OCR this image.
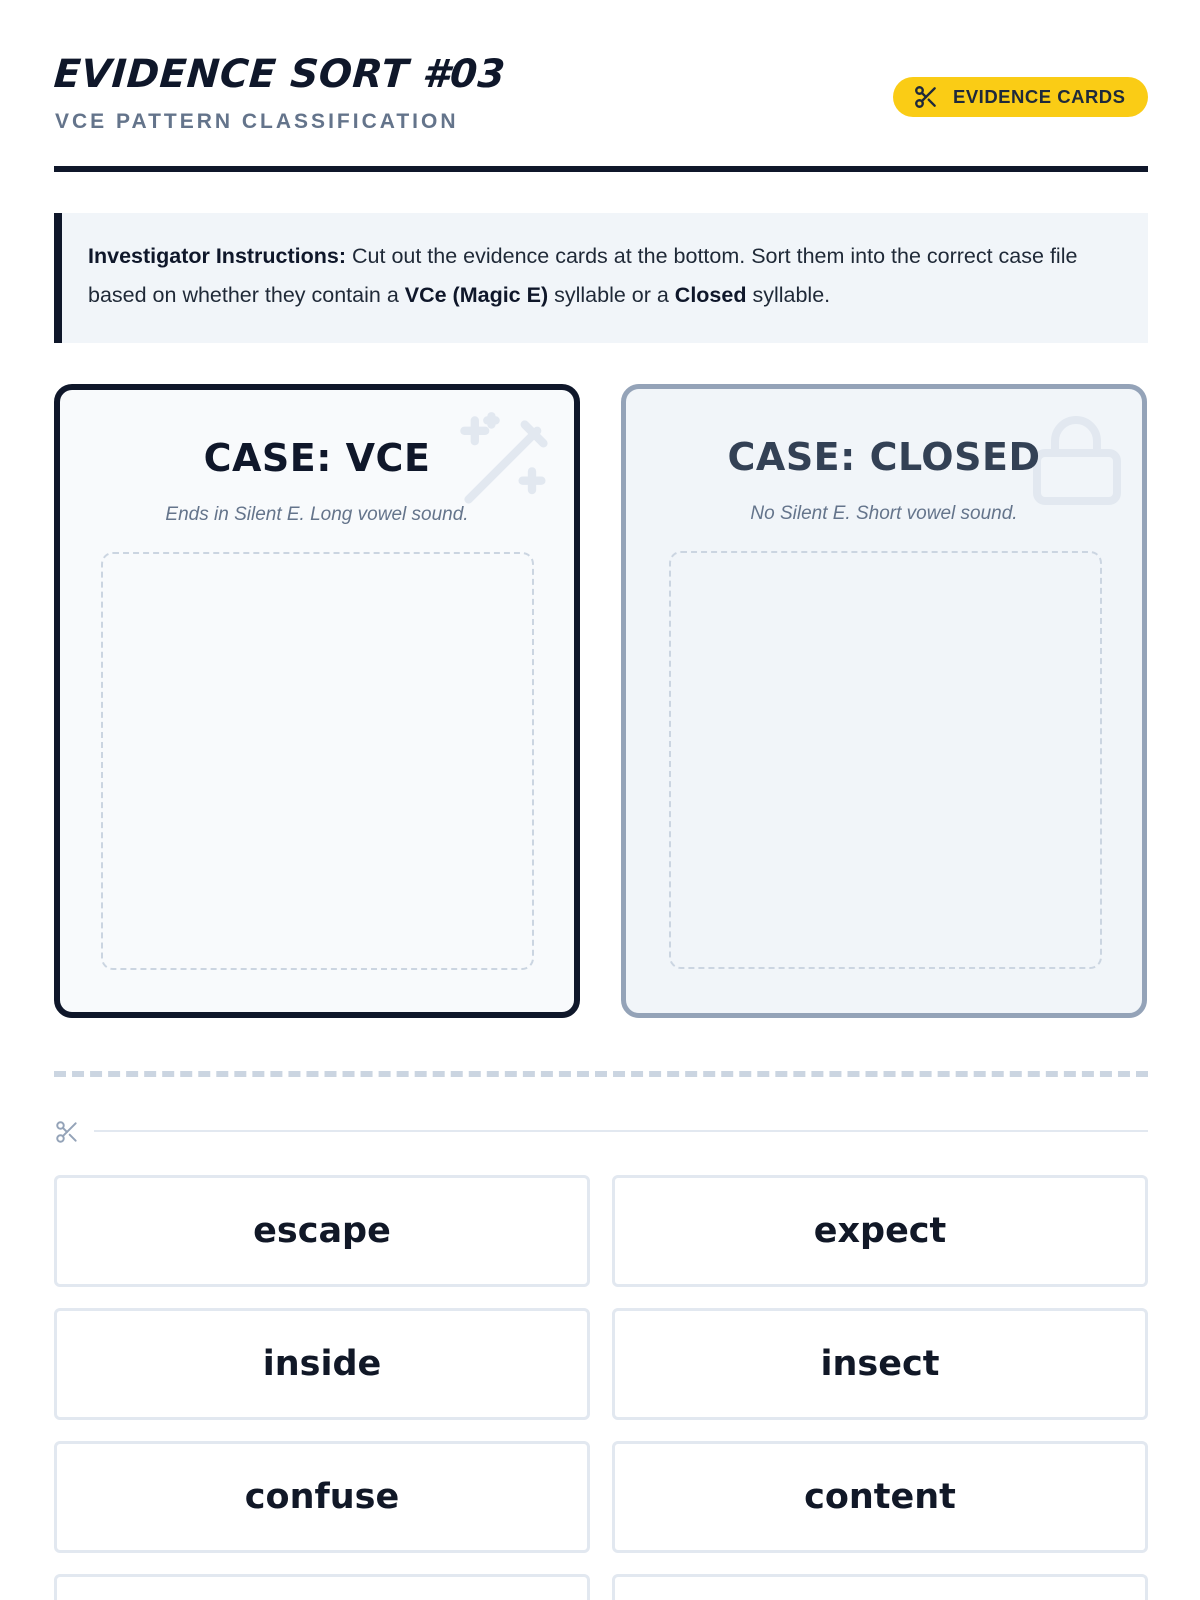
EVIDENCE SORT #03
VCE PATTERN CLASSIFICATION
EVIDENCE CARDS
Investigator Instructions: Cut out the evidence cards at the bottom. Sort them into the correct case file based on whether they contain a VCe (Magic E) syllable or a Closed syllable.
CASE: VCE
Ends in Silent E. Long vowel sound.
CASE: CLOSED
No Silent E. Short vowel sound.
escape	expect
inside	insect
confuse	content
